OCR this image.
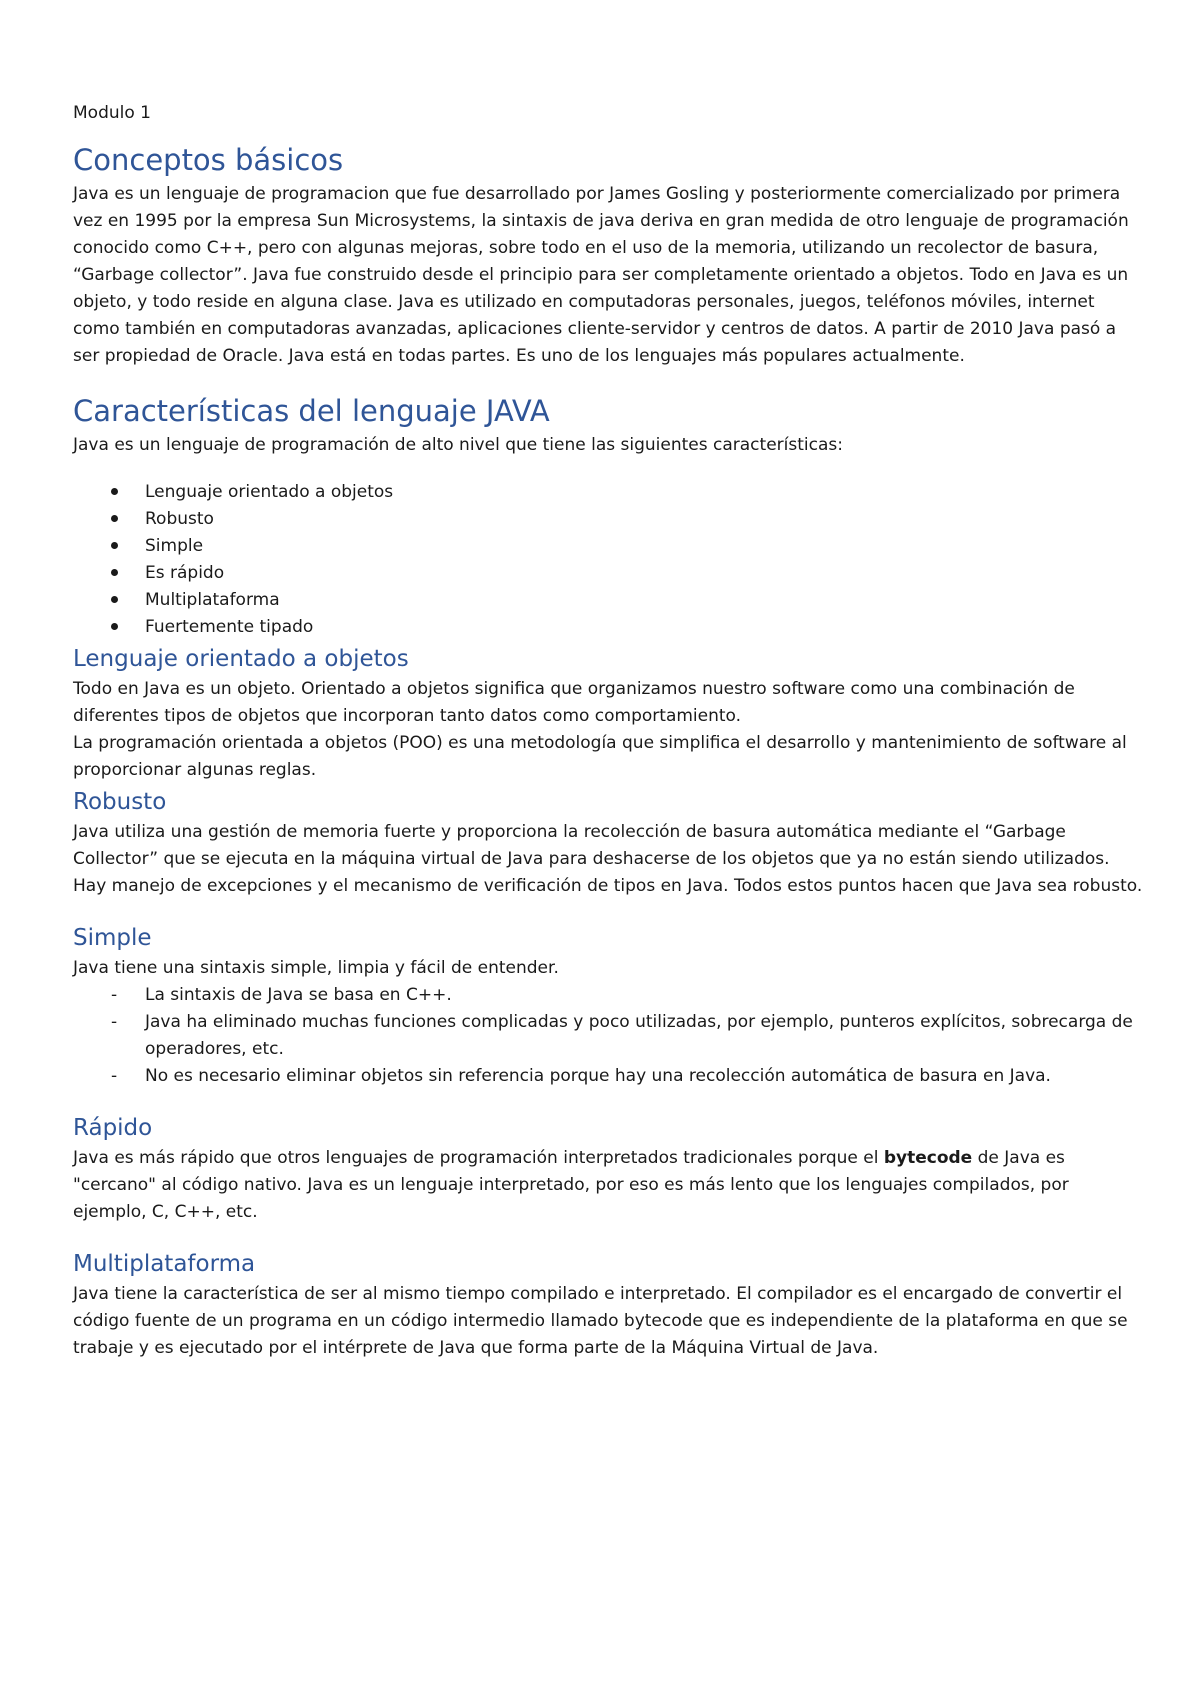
Modulo 1

Conceptos básicos

Java es un lenguaje de programacion que fue desarrollado por James Gosling y posteriormente comercializado por primera vez en 1995 por la empresa Sun Microsystems, la sintaxis de java deriva en gran medida de otro lenguaje de programación conocido como C++, pero con algunas mejoras, sobre todo en el uso de la memoria, utilizando un recolector de basura, “Garbage collector”. Java fue construido desde el principio para ser completamente orientado a objetos. Todo en Java es un objeto, y todo reside en alguna clase. Java es utilizado en computadoras personales, juegos, teléfonos móviles, internet como también en computadoras avanzadas, aplicaciones cliente-servidor y centros de datos. A partir de 2010 Java pasó a ser propiedad de Oracle. Java está en todas partes. Es uno de los lenguajes más populares actualmente.

Características del lenguaje JAVA

Java es un lenguaje de programación de alto nivel que tiene las siguientes características:

Lenguaje orientado a objetos
Robusto
Simple
Es rápido
Multiplataforma
Fuertemente tipado
Lenguaje orientado a objetos

Todo en Java es un objeto. Orientado a objetos significa que organizamos nuestro software como una combinación de diferentes tipos de objetos que incorporan tanto datos como comportamiento.

La programación orientada a objetos (POO) es una metodología que simplifica el desarrollo y mantenimiento de software al proporcionar algunas reglas.

Robusto

Java utiliza una gestión de memoria fuerte y proporciona la recolección de basura automática mediante el “Garbage Collector” que se ejecuta en la máquina virtual de Java para deshacerse de los objetos que ya no están siendo utilizados. Hay manejo de excepciones y el mecanismo de verificación de tipos en Java. Todos estos puntos hacen que Java sea robusto.

Simple

Java tiene una sintaxis simple, limpia y fácil de entender.

- La sintaxis de Java se basa en C++.
- Java ha eliminado muchas funciones complicadas y poco utilizadas, por ejemplo, punteros explícitos, sobrecarga de operadores, etc.
- No es necesario eliminar objetos sin referencia porque hay una recolección automática de basura en Java.
Rápido

Java es más rápido que otros lenguajes de programación interpretados tradicionales porque el bytecode de Java es "cercano" al código nativo. Java es un lenguaje interpretado, por eso es más lento que los lenguajes compilados, por ejemplo, C, C++, etc.

Multiplataforma

Java tiene la característica de ser al mismo tiempo compilado e interpretado. El compilador es el encargado de convertir el código fuente de un programa en un código intermedio llamado bytecode que es independiente de la plataforma en que se trabaje y es ejecutado por el intérprete de Java que forma parte de la Máquina Virtual de Java.
